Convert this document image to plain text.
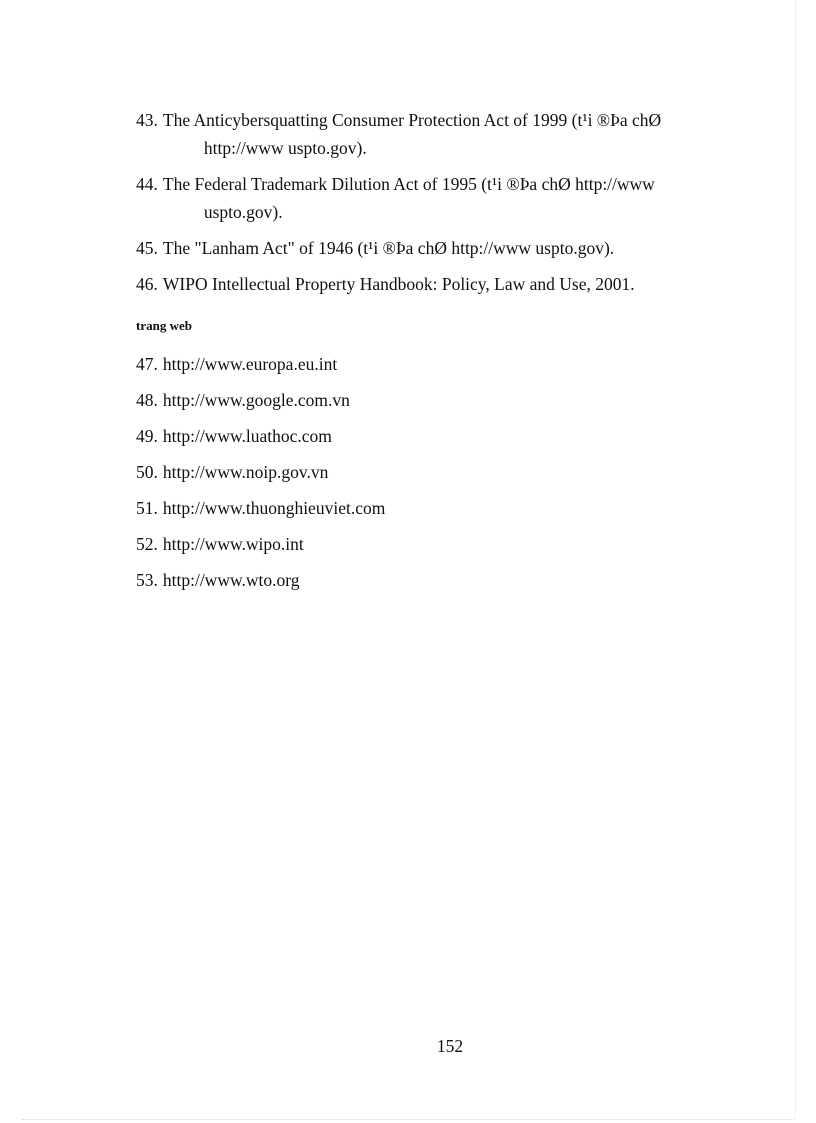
43. The Anticybersquatting Consumer Protection Act of 1999 (t¹i ®Þa chØ
http://www uspto.gov).
44. The Federal Trademark Dilution Act of 1995 (t¹i ®Þa chØ http://www
uspto.gov).
45. The "Lanham Act" of 1946 (t¹i ®Þa chØ http://www uspto.gov).
46. WIPO Intellectual Property Handbook: Policy, Law and Use, 2001.

trang web

47. http://www.europa.eu.int
48. http://www.google.com.vn
49. http://www.luathoc.com
50. http://www.noip.gov.vn
51. http://www.thuonghieuviet.com
52. http://www.wipo.int
53. http://www.wto.org
152
